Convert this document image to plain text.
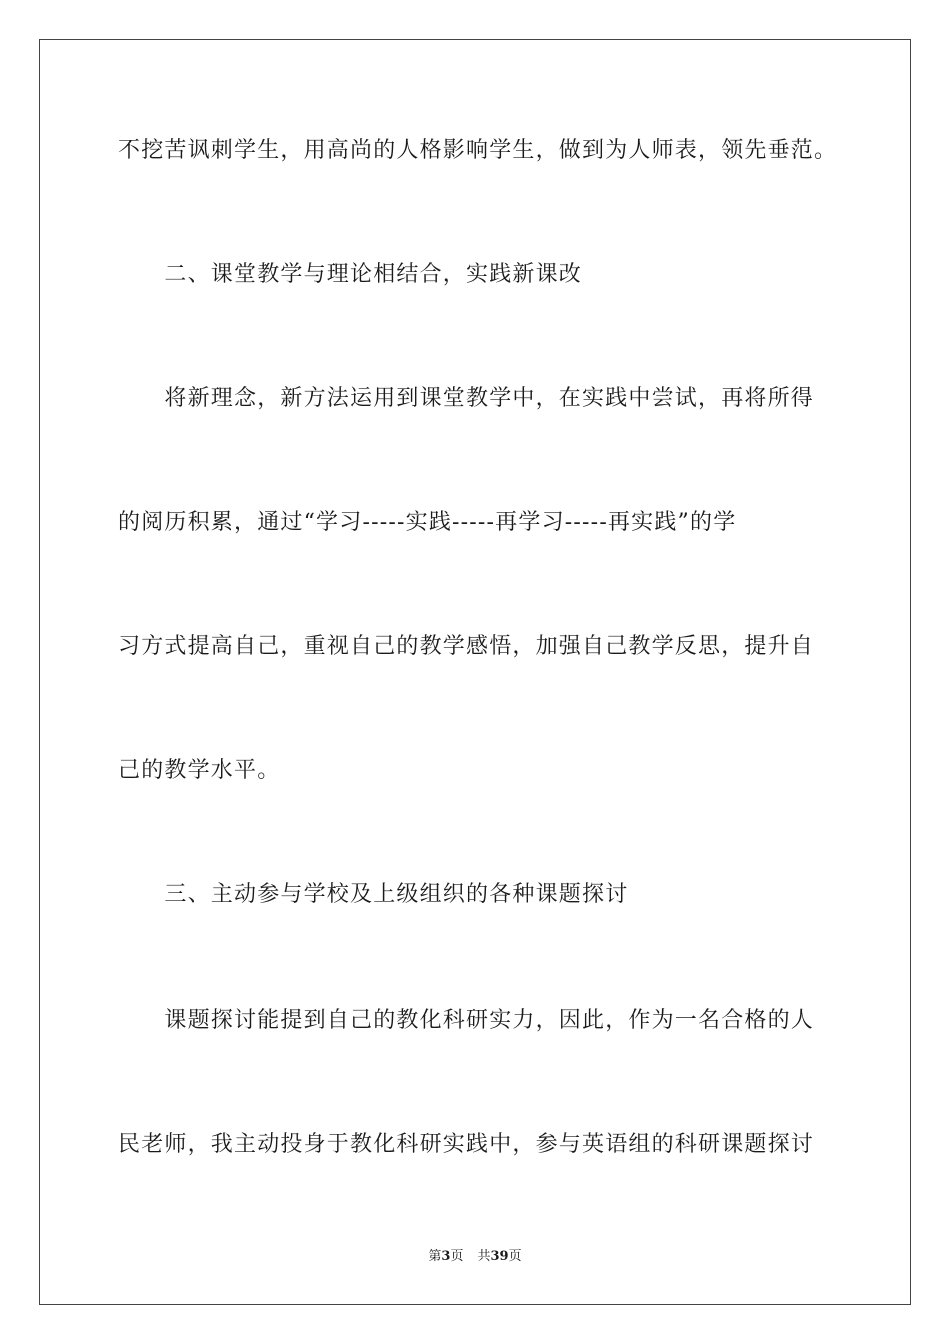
不挖苦讽刺学生，用高尚的人格影响学生，做到为人师表，领先垂范。
　　二、课堂教学与理论相结合，实践新课改
　　将新理念，新方法运用到课堂教学中，在实践中尝试，再将所得
的阅历积累，通过“学习-----实践-----再学习-----再实践”的学
习方式提高自己，重视自己的教学感悟，加强自己教学反思，提升自
己的教学水平。
　　三、主动参与学校及上级组织的各种课题探讨
　　课题探讨能提到自己的教化科研实力，因此，作为一名合格的人
民老师，我主动投身于教化科研实践中，参与英语组的科研课题探讨
第3页 共39页
